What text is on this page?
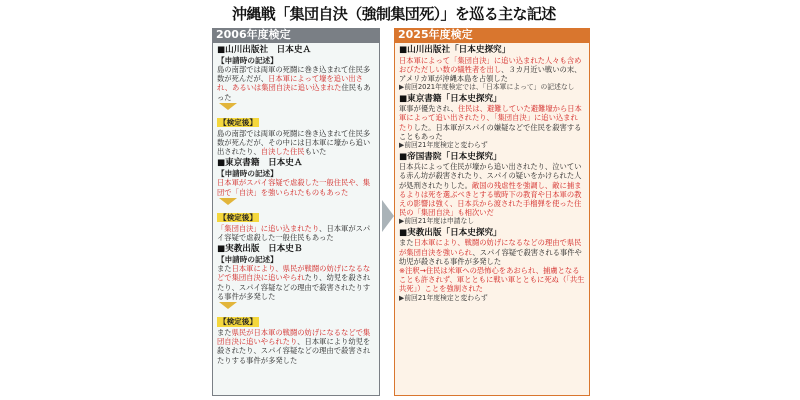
沖縄戦「集団自決（強制集団死）」を巡る主な記述
2006年度検定
■山川出版社　日本史Ａ
【申請時の記述】
島の南部では両軍の死闘に巻き込まれて住民多数が死んだが、日本軍によって壕を追い出され、あるいは集団自決に追い込まれた住民もあった
【検定後】
島の南部では両軍の死闘に巻き込まれて住民多数が死んだが、その中には日本軍に壕から追い出されたり、自決した住民もいた
■東京書籍　日本史Ａ
【申請時の記述】
日本軍がスパイ容疑で虐殺した一般住民や、集団で「自決」を強いられたものもあった
【検定後】
「集団自決」に追い込まれたり、日本軍がスパイ容疑で虐殺した一般住民もあった
■実教出版　日本史Ｂ
【申請時の記述】
また日本軍により、県民が戦闘の妨げになるなどで集団自決に追いやられたり、幼児を殺されたり、スパイ容疑などの理由で殺害されたりする事件が多発した
【検定後】
また県民が日本軍の戦闘の妨げになるなどで集団自決に追いやられたり、日本軍により幼児を殺されたり、スパイ容疑などの理由で殺害されたりする事件が多発した
2025年度検定
■山川出版社「日本史探究」
日本軍によって「集団自決」に追い込まれた人々も含めおびただしい数の犠牲者を出し、３カ月近い戦いの末、アメリカ軍が沖縄本島を占領した
▶前回2021年度検定では、「日本軍によって」の記述なし
■東京書籍「日本史探究」
軍事が優先され、住民は、避難していた避難壕から日本軍によって追い出されたり、「集団自決」に追い込まれたりした。日本軍がスパイの嫌疑などで住民を殺害することもあった
▶前回21年度検定と変わらず
■帝国書院「日本史探究」
日本兵によって住民が壕から追い出されたり、泣いている赤ん坊が殺害されたり、スパイの疑いをかけられた人が処刑されたりした。敵国の残虐性を強調し、敵に捕まるよりは死を選ぶべきとする戦時下の教育や日本軍の教えの影響は強く、日本兵から渡された手榴弾を使った住民の「集団自決」も相次いだ
▶前回21年度は申請なし
■実教出版「日本史探究」
また日本軍により、戦闘の妨げになるなどの理由で県民が集団自決を強いられ、スパイ容疑で殺害される事件や幼児が殺される事件が多発した
※注釈→住民は米軍への恐怖心をあおられ、捕虜となることも許されず、軍とともに戦い軍とともに死ぬ（「共生共死」）ことを強制された
▶前回21年度検定と変わらず
